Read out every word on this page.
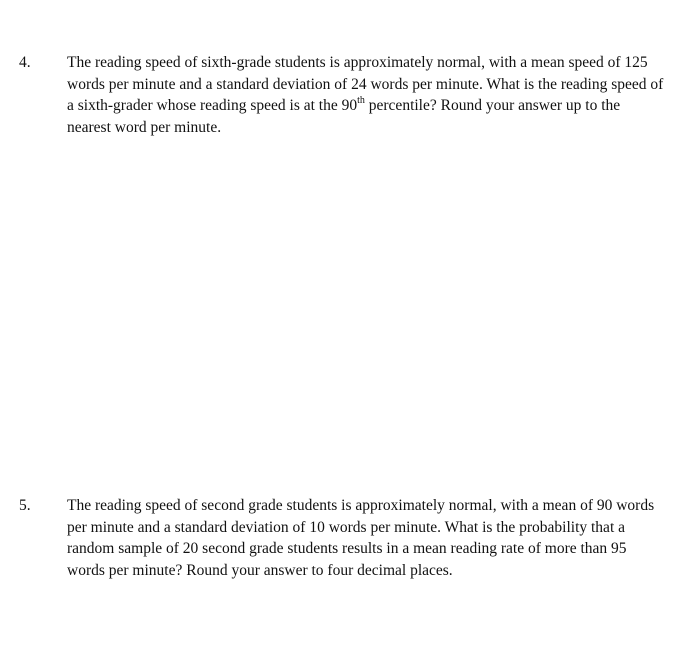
4. The reading speed of sixth-grade students is approximately normal, with a mean speed of 125 words per minute and a standard deviation of 24 words per minute. What is the reading speed of a sixth-grader whose reading speed is at the 90th percentile? Round your answer up to the nearest word per minute.
5. The reading speed of second grade students is approximately normal, with a mean of 90 words per minute and a standard deviation of 10 words per minute. What is the probability that a random sample of 20 second grade students results in a mean reading rate of more than 95 words per minute? Round your answer to four decimal places.
